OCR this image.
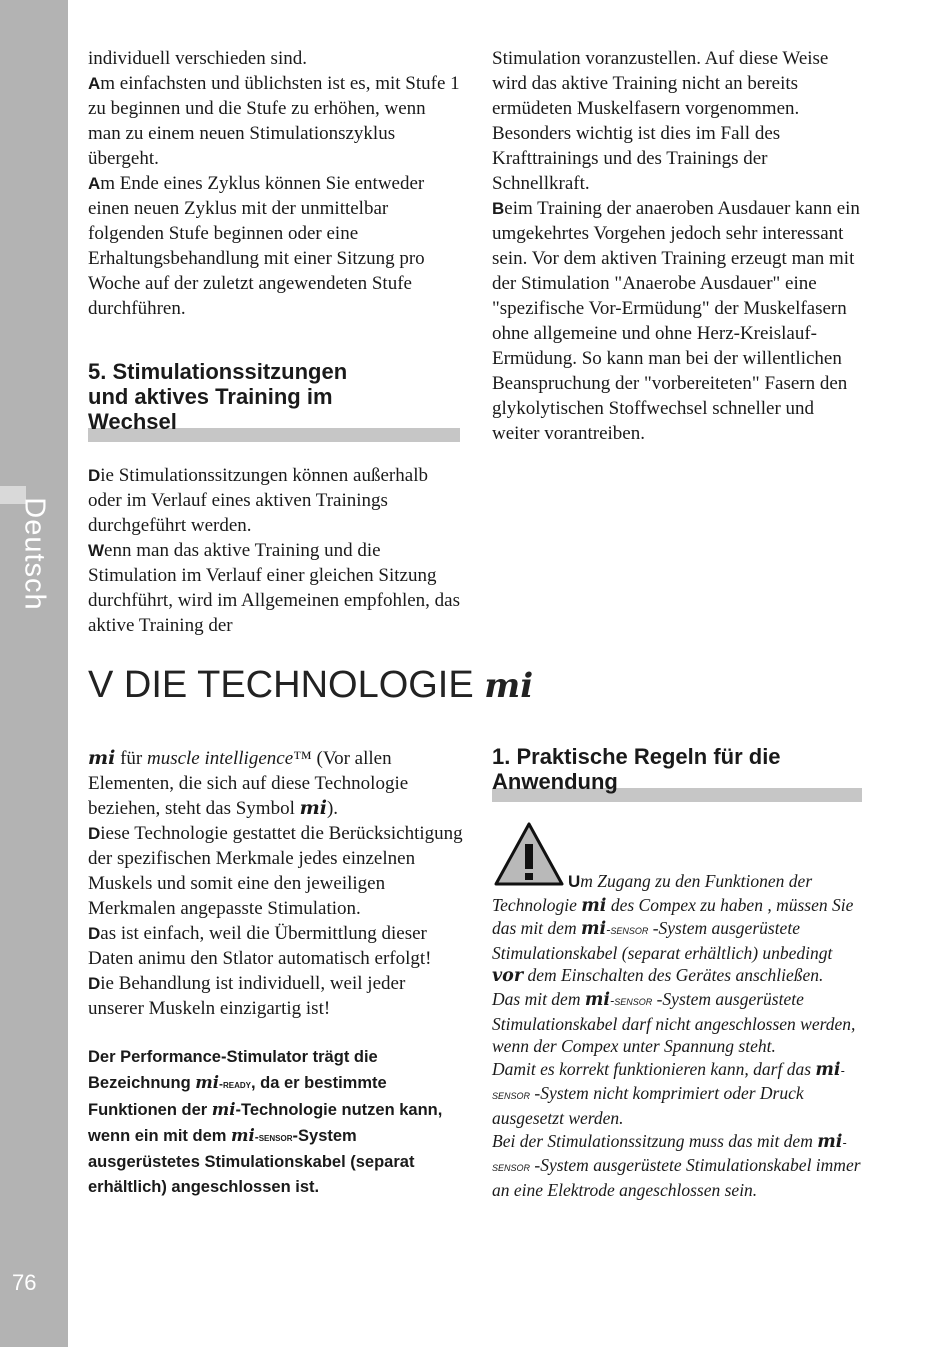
Deutsch
76

individuell verschieden sind.

Am einfachsten und üblichsten ist es, mit Stufe 1 zu beginnen und die Stufe zu erhöhen, wenn man zu einem neuen Stimulationszyklus übergeht.

Am Ende eines Zyklus können Sie entweder einen neuen Zyklus mit der unmittelbar folgenden Stufe beginnen oder eine Erhaltungsbehandlung mit einer Sitzung pro Woche auf der zuletzt angewendeten Stufe durchführen.

5. Stimulationssitzungen
und aktives Training im
Wechsel

Die Stimulationssitzungen können außerhalb oder im Verlauf eines aktiven Trainings durchgeführt werden.

Wenn man das aktive Training und die Stimulation im Verlauf einer gleichen Sitzung durchführt, wird im Allgemeinen empfohlen, das aktive Training der

Stimulation voranzustellen. Auf diese Weise wird das aktive Training nicht an bereits ermüdeten Muskelfasern vorgenommen. Besonders wichtig ist dies im Fall des Krafttrainings und des Trainings der Schnellkraft.

Beim Training der anaeroben Ausdauer kann ein umgekehrtes Vorgehen jedoch sehr interessant sein. Vor dem aktiven Training erzeugt man mit der Stimulation "Anaerobe Ausdauer" eine "spezifische Vor-Ermüdung" der Muskelfasern ohne allgemeine und ohne Herz-Kreislauf-Ermüdung. So kann man bei der willentlichen Beanspruchung der "vorbereiteten" Fasern den glykolytischen Stoffwechsel schneller und weiter vorantreiben.

V DIE TECHNOLOGIE mi

mi für muscle intelligence™ (Vor allen Elementen, die sich auf diese Technologie beziehen, steht das Symbol mi).

Diese Technologie gestattet die Berücksichtigung der spezifischen Merkmale jedes einzelnen Muskels und somit eine den jeweiligen Merkmalen angepasste Stimulation.

Das ist einfach, weil die Übermittlung dieser Daten animu den Stlator automatisch erfolgt!

Die Behandlung ist individuell, weil jeder unserer Muskeln einzigartig ist!

Der Performance-Stimulator trägt die Bezeichnung mi-ready, da er bestimmte Funktionen der mi-Technologie nutzen kann, wenn ein mit dem mi-sensor-System ausgerüstetes Stimulationskabel (separat erhältlich) angeschlossen ist.

1. Praktische Regeln für die
Anwendung

Um Zugang zu den Funktionen der Technologie mi des Compex zu haben , müssen Sie das mit dem mi-sensor -System ausgerüstete Stimulationskabel (separat erhältlich) unbedingt vor dem Einschalten des Gerätes anschließen.

Das mit dem mi-sensor -System ausgerüstete Stimulationskabel darf nicht angeschlossen werden, wenn der Compex unter Spannung steht.

Damit es korrekt funktionieren kann, darf das mi-sensor -System nicht komprimiert oder Druck ausgesetzt werden.

Bei der Stimulationssitzung muss das mit dem mi-sensor -System ausgerüstete Stimulationskabel immer an eine Elektrode angeschlossen sein.
